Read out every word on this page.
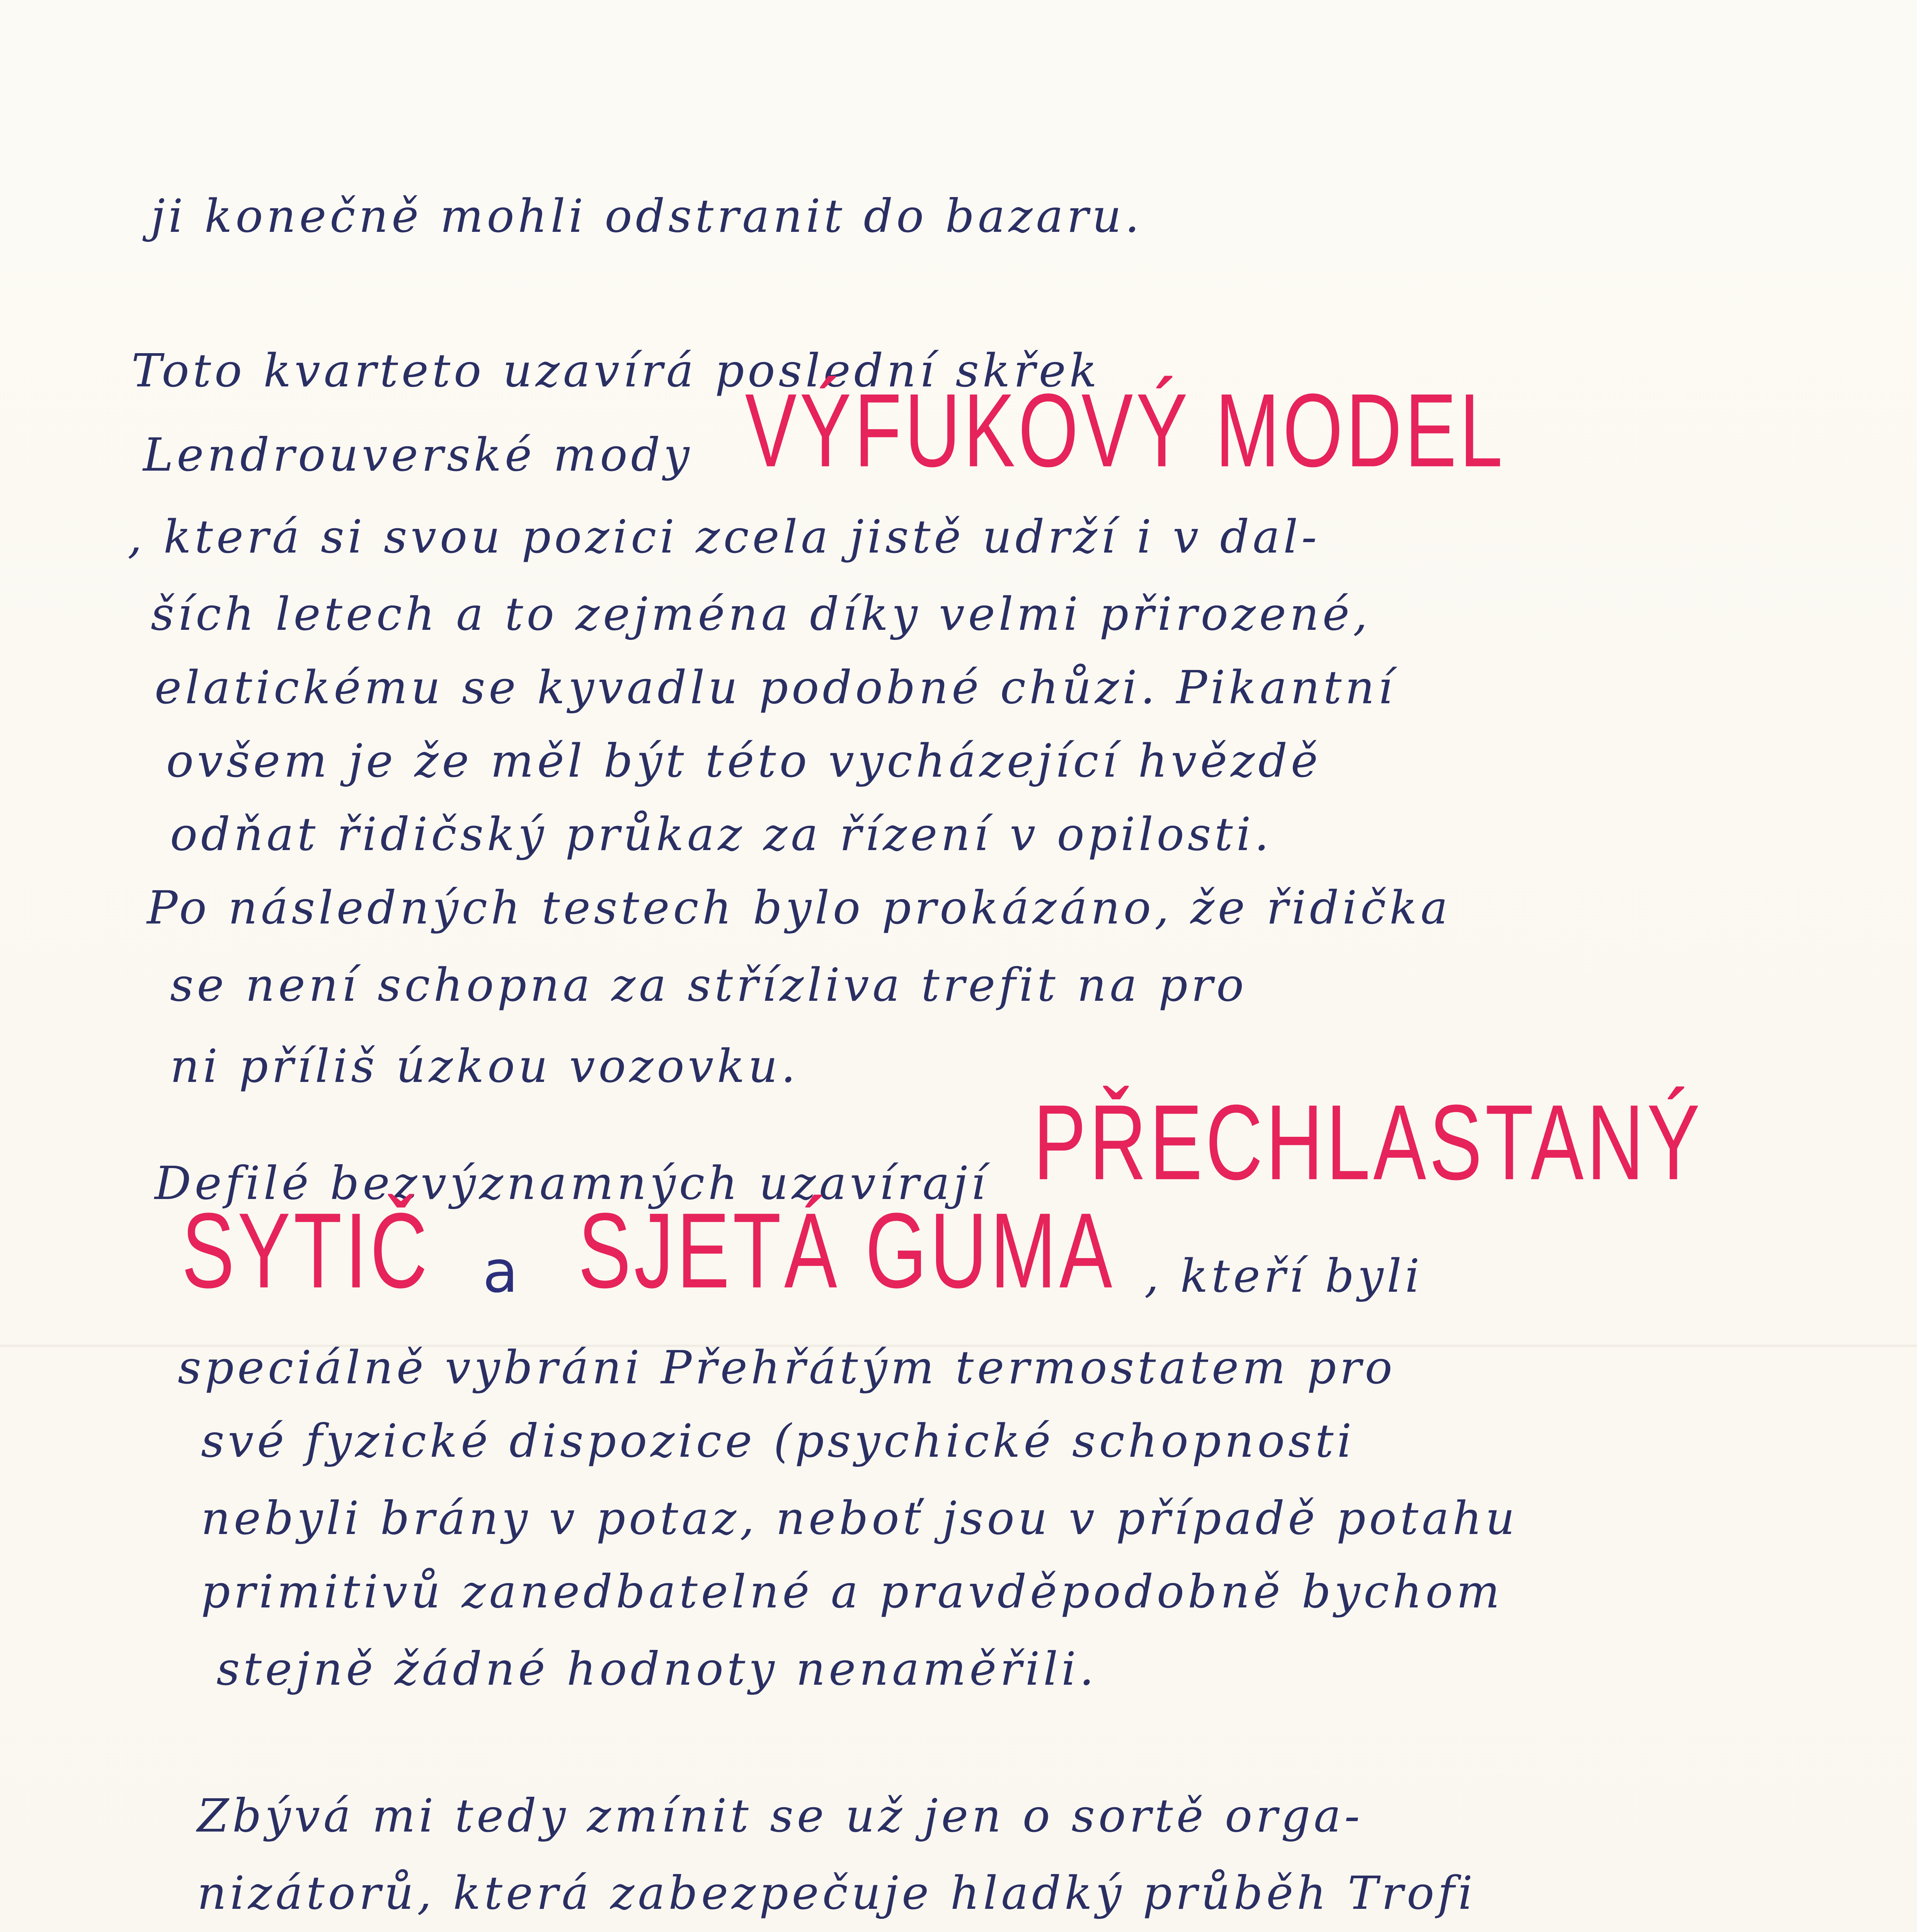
ji konečně mohli odstranit do bazaru.
Toto kvarteto uzavírá poslední skřek
Lendrouverské mody VÝFUKOVÝ MODEL
, která si svou pozici zcela jistě udrží i v dal-
ších letech a to zejména díky velmi přirozené,
elatickému se kyvadlu podobné chůzi. Pikantní
ovšem je že měl být této vycházející hvězdě
odňat řidičský průkaz za řízení v opilosti.
Po následných testech bylo prokázáno, že řidička
se není schopna za střízliva trefit na pro
ni příliš úzkou vozovku.
Defilé bezvýznamných uzavírají PŘECHLASTANÝ
SYTIČ a SJETÁ GUMA , kteří byli
speciálně vybráni Přehřátým termostatem pro
své fyzické dispozice (psychické schopnosti
nebyli brány v potaz, neboť jsou v případě potahu
primitivů zanedbatelné a pravděpodobně bychom
stejně žádné hodnoty nenaměřili.
Zbývá mi tedy zmínit se už jen o sortě orga-
nizátorů, která zabezpečuje hladký průběh Trofi
